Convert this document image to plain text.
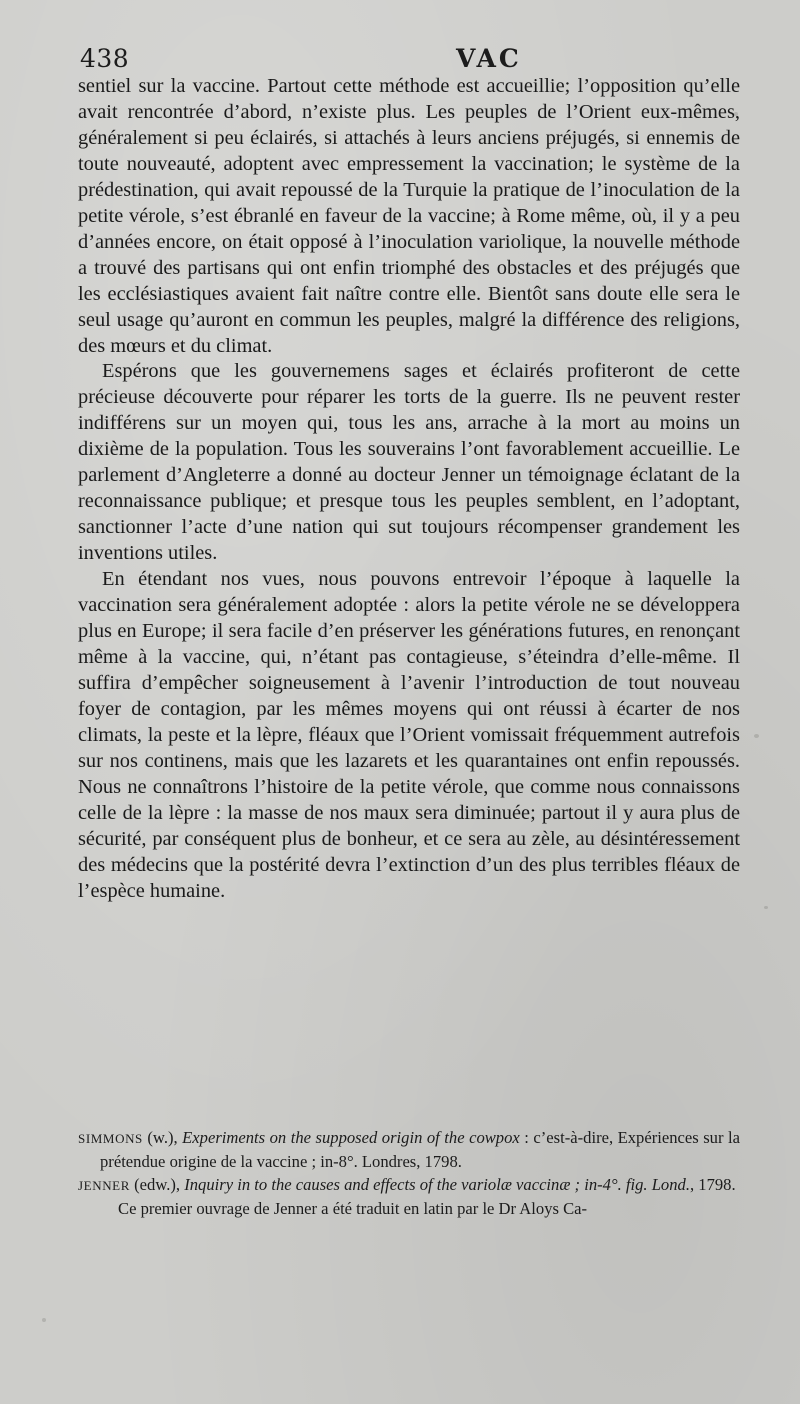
438	VAC

sentiel sur la vaccine. Partout cette méthode est accueillie; l’opposition qu’elle avait rencontrée d’abord, n’existe plus. Les peuples de l’Orient eux-mêmes, généralement si peu éclairés, si attachés à leurs anciens préjugés, si ennemis de toute nouveauté, adoptent avec empressement la vaccination; le système de la prédestination, qui avait repoussé de la Turquie la pratique de l’inoculation de la petite vérole, s’est ébranlé en faveur de la vaccine; à Rome même, où, il y a peu d’années encore, on était opposé à l’inoculation variolique, la nouvelle méthode a trouvé des partisans qui ont enfin triomphé des obstacles et des préjugés que les ecclésiastiques avaient fait naître contre elle. Bientôt sans doute elle sera le seul usage qu’auront en commun les peuples, malgré la différence des religions, des mœurs et du climat.

Espérons que les gouvernemens sages et éclairés profiteront de cette précieuse découverte pour réparer les torts de la guerre. Ils ne peuvent rester indifférens sur un moyen qui, tous les ans, arrache à la mort au moins un dixième de la population. Tous les souverains l’ont favorablement accueillie. Le parlement d’Angleterre a donné au docteur Jenner un témoignage éclatant de la reconnaissance publique; et presque tous les peuples semblent, en l’adoptant, sanctionner l’acte d’une nation qui sut toujours récompenser grandement les inventions utiles.

En étendant nos vues, nous pouvons entrevoir l’époque à laquelle la vaccination sera généralement adoptée : alors la petite vérole ne se développera plus en Europe; il sera facile d’en préserver les générations futures, en renonçant même à la vaccine, qui, n’étant pas contagieuse, s’éteindra d’elle-même. Il suffira d’empêcher soigneusement à l’avenir l’introduction de tout nouveau foyer de contagion, par les mêmes moyens qui ont réussi à écarter de nos climats, la peste et la lèpre, fléaux que l’Orient vomissait fréquemment autrefois sur nos continens, mais que les lazarets et les quarantaines ont enfin repoussés. Nous ne connaîtrons l’histoire de la petite vérole, que comme nous connaissons celle de la lèpre : la masse de nos maux sera diminuée; partout il y aura plus de sécurité, par conséquent plus de bonheur, et ce sera au zèle, au désintéressement des médecins que la postérité devra l’extinction d’un des plus terribles fléaux de l’espèce humaine.

SIMMONS (w.), Experiments on the supposed origin of the cowpox : c’est-à-dire, Expériences sur la prétendue origine de la vaccine ; in-8°. Londres, 1798.

JENNER (edw.), Inquiry in to the causes and effects of the variolæ vaccinæ ; in-4°. fig. Lond., 1798.

Ce premier ouvrage de Jenner a été traduit en latin par le Dr Aloys Ca-
